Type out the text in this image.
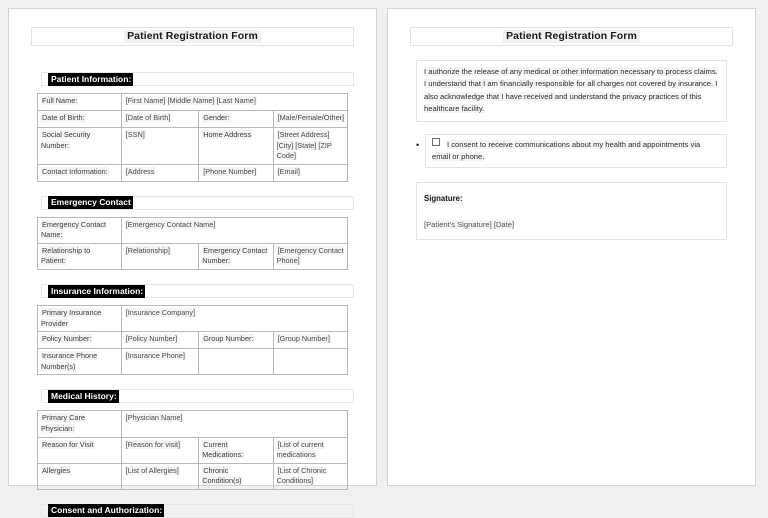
Patient Registration Form
Patient Information:
Full Name:	[First Name] [Middle Name] [Last Name]		
Date of Birth:	[Date of Birth]	Gender:	[Male/Female/Other]
Social Security Number:	[SSN]	Home Address	[Street Address] [City] [State] [ZIP Code]
Contact Information:	[Address	[Phone Number]	[Email]
Emergency Contact
Emergency Contact Name:	[Emergency Contact Name]		
Relationship to Patient:	[Relationship]	Emergency Contact Number:	[Emergency Contact Phone]
Insurance Information:
Primary Insurance Provider	[Insurance Company]		
Policy Number:	[Policy Number]	Group Number:	[Group Number]
Insurance Phone Number(s)	[Insurance Phone]		
Medical History:
Primary Care Physician:	[Physician Name]		
Reason for Visit	[Reason for visit]	Current Medications:	[List of current medications
Allergies	[List of Allergies]	Chronic Condition(s)	[List of Chronic Conditions]
Consent and Authorization:
Patient Registration Form
I authorize the release of any medical or other information necessary to process claims. I understand that I am financially responsible for all charges not covered by insurance. I also acknowledge that I have received and understand the privacy practices of this healthcare facility.
•	I consent to receive communications about my health and appointments via email or phone.
Signature:
[Patient's Signature] [Date]
